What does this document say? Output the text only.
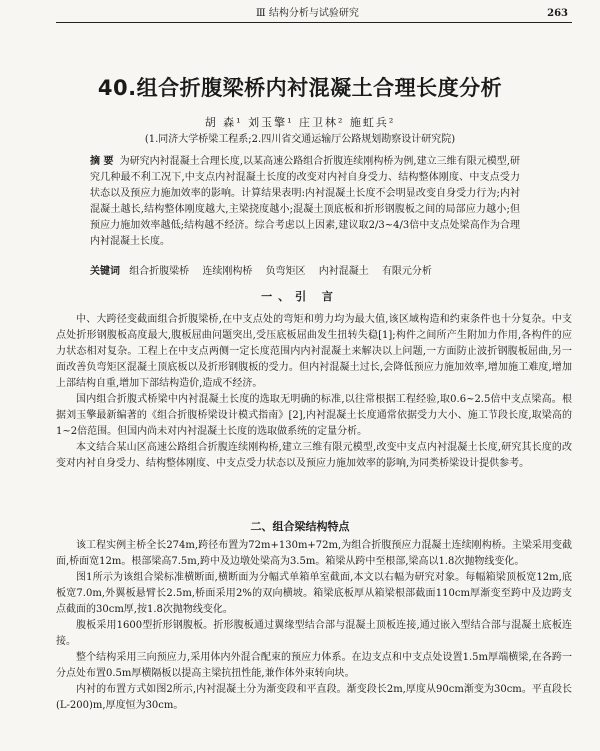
Ⅲ 结构分析与试验研究	263
40.组合折腹梁桥内衬混凝土合理长度分析
胡 森¹ 刘玉擎¹ 庄卫林² 施虹兵²
(1.同济大学桥梁工程系;2.四川省交通运输厅公路规划勘察设计研究院)
摘 要 为研究内衬混凝土合理长度,以某高速公路组合折腹连续刚构桥为例,建立三维有限元模型,研究几种最不利工况下,中支点内衬混凝土长度的改变对内衬自身受力、结构整体刚度、中支点受力状态以及预应力施加效率的影响。计算结果表明:内衬混凝土长度不会明显改变自身受力行为;内衬混凝土越长,结构整体刚度越大,主梁挠度越小;混凝土顶底板和折形钢腹板之间的局部应力越小;但预应力施加效率越低;结构越不经济。综合考虑以上因素,建议取2/3~4/3倍中支点处梁高作为合理内衬混凝土长度。
关键词 组合折腹梁桥 连续刚构桥 负弯矩区 内衬混凝土 有限元分析
一、引 言

中、大跨径变截面组合折腹梁桥,在中支点处的弯矩和剪力均为最大值,该区域构造和约束条件也十分复杂。中支点处折形钢腹板高度最大,腹板屈曲问题突出,受压底板屈曲发生扭转失稳[1];构件之间所产生附加力作用,各构件的应力状态相对复杂。工程上在中支点两侧一定长度范围内内衬混凝土来解决以上问题,一方面防止波折钢腹板屈曲,另一面改善负弯矩区混凝土顶底板以及折形钢腹板的受力。但内衬混凝土过长,会降低预应力施加效率,增加施工难度,增加上部结构自重,增加下部结构造价,造成不经济。

国内组合折腹式桥梁中内衬混凝土长度的选取无明确的标准,以往常根据工程经验,取0.6~2.5倍中支点梁高。根据刘玉擎最新编著的《组合折腹桥梁设计模式指南》[2],内衬混凝土长度通常依据受力大小、施工节段长度,取梁高的1~2倍范围。但国内尚未对内衬混凝土长度的选取做系统的定量分析。

本文结合某山区高速公路组合折腹连续刚构桥,建立三维有限元模型,改变中支点内衬混凝土长度,研究其长度的改变对内衬自身受力、结构整体刚度、中支点受力状态以及预应力施加效率的影响,为同类桥梁设计提供参考。

二、组合梁结构特点

该工程实例主桥全长274m,跨径布置为72m+130m+72m,为组合折腹预应力混凝土连续刚构桥。主梁采用变截面,桥面宽12m。根部梁高7.5m,跨中及边墩处梁高为3.5m。箱梁从跨中至根部,梁高以1.8次抛物线变化。

图1所示为该组合梁标准横断面,横断面为分幅式单箱单室截面,本文以右幅为研究对象。每幅箱梁顶板宽12m,底板宽7.0m,外翼板悬臂长2.5m,桥面采用2%的双向横坡。箱梁底板厚从箱梁根部截面110cm厚渐变至跨中及边跨支点截面的30cm厚,按1.8次抛物线变化。

腹板采用1600型折形钢腹板。折形腹板通过翼缘型结合部与混凝土顶板连接,通过嵌入型结合部与混凝土底板连接。

整个结构采用三向预应力,采用体内外混合配束的预应力体系。在边支点和中支点处设置1.5m厚端横梁,在各跨一分点处布置0.5m厚横隔板以提高主梁抗扭性能,兼作体外束转向块。

内衬的布置方式如图2所示,内衬混凝土分为渐变段和平直段。渐变段长2m,厚度从90cm渐变为30cm。平直段长(L-200)m,厚度恒为30cm。
